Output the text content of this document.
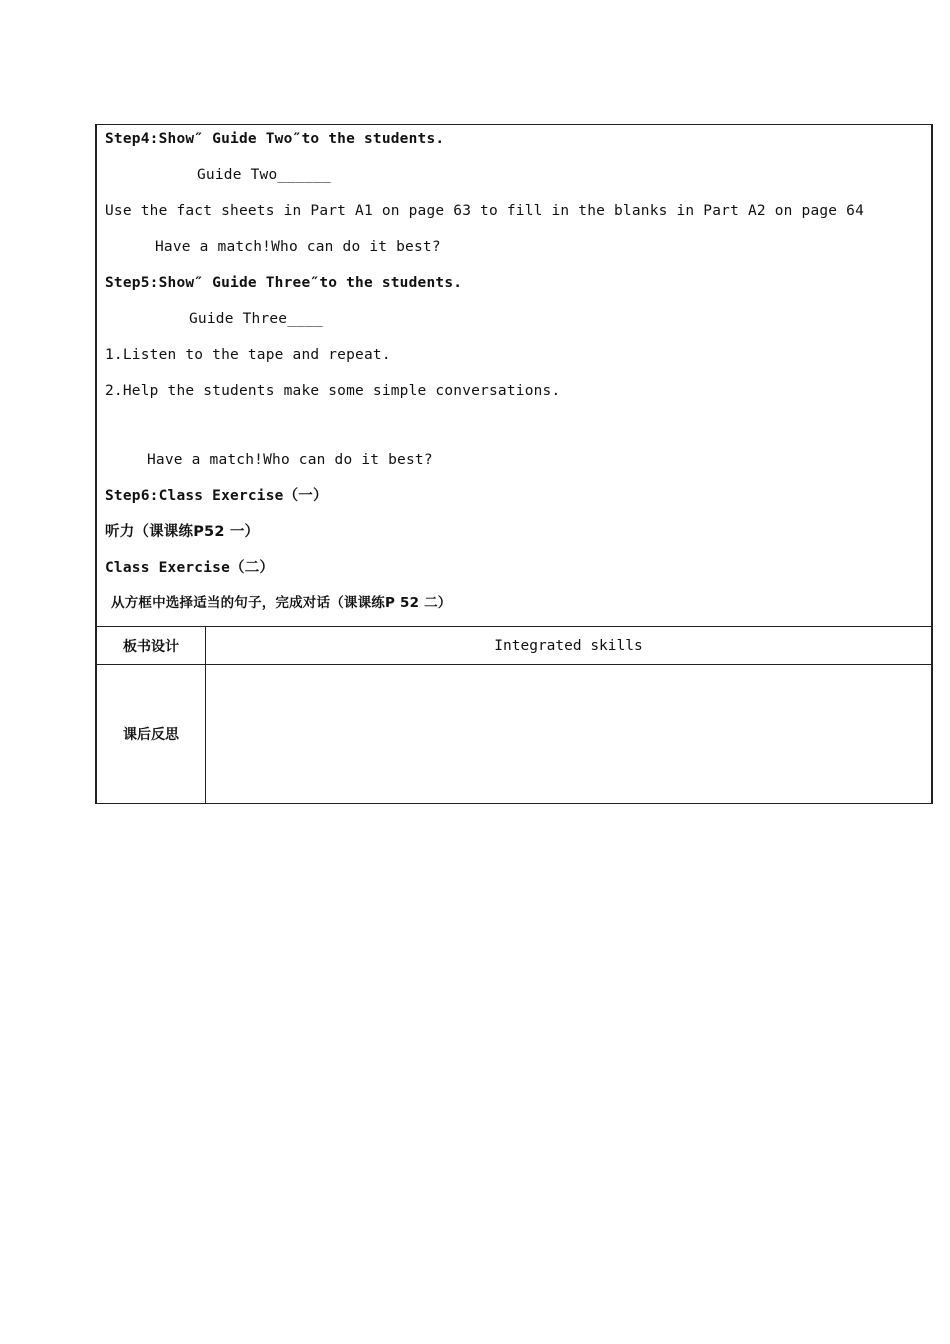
Step4:Show″ Guide Two″to the students.
Guide Two______
Use the fact sheets in Part A1 on page 63 to fill in the blanks in Part A2 on page 64
Have a match!Who can do it best?
Step5:Show″ Guide Three″to the students.
Guide Three____
1.Listen to the tape and repeat.
2.Help the students make some simple conversations.
Have a match!Who can do it best?
Step6:Class Exercise（一）
听力（课课练P52 一）
Class Exercise（二）
从方框中选择适当的句子，完成对话（课课练P 52 二）
板书设计	Integrated skills
课后反思
